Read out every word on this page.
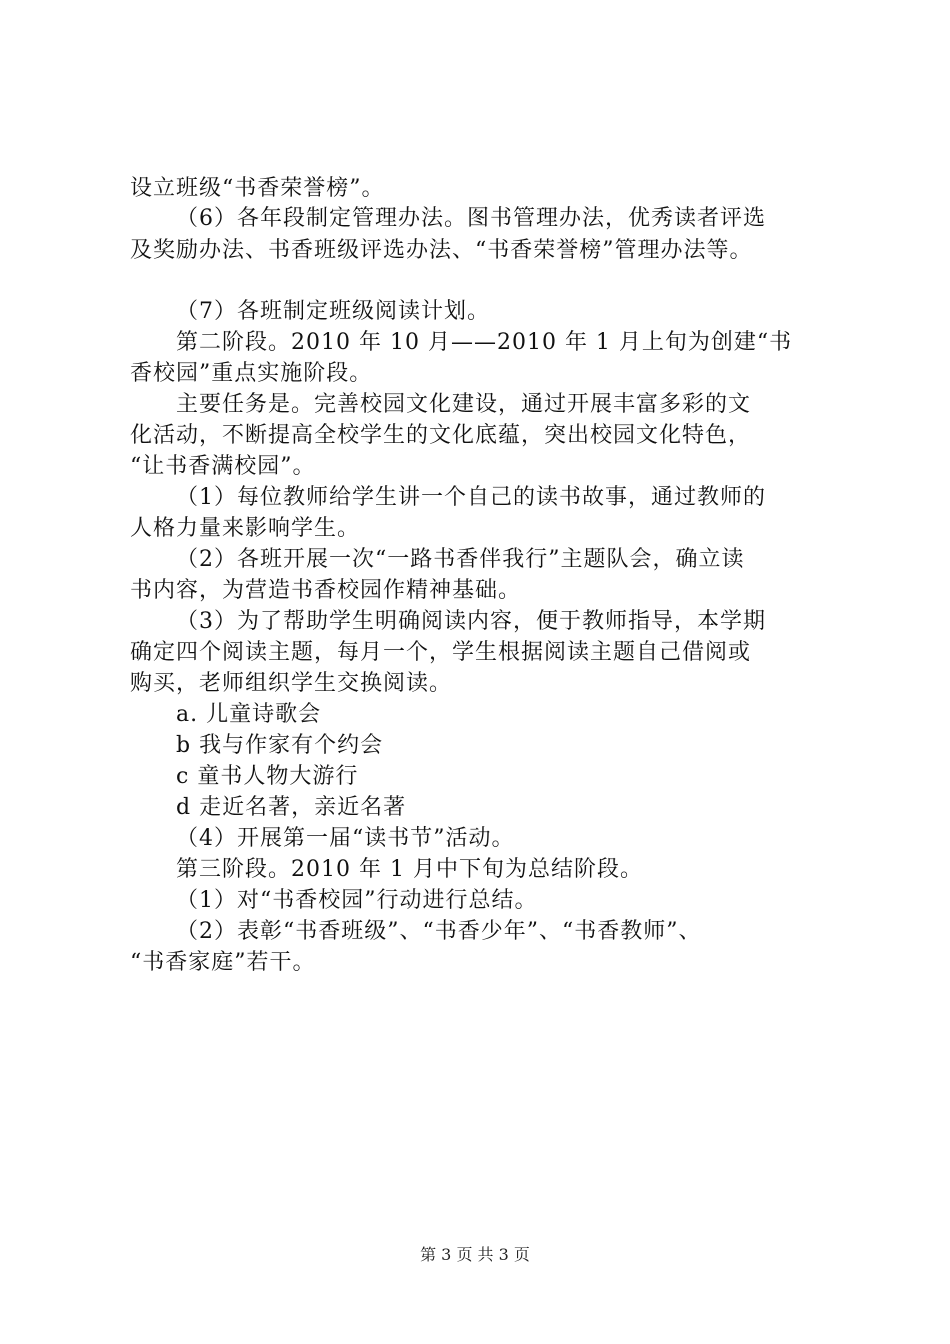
设立班级“书香荣誉榜”。
（6）各年段制定管理办法。图书管理办法，优秀读者评选
及奖励办法、书香班级评选办法、“书香荣誉榜”管理办法等。
（7）各班制定班级阅读计划。
第二阶段。2010 年 10 月——2010 年 1 月上旬为创建“书
香校园”重点实施阶段。
主要任务是。完善校园文化建设，通过开展丰富多彩的文
化活动，不断提高全校学生的文化底蕴，突出校园文化特色，
“让书香满校园”。
（1）每位教师给学生讲一个自己的读书故事，通过教师的
人格力量来影响学生。
（2）各班开展一次“一路书香伴我行”主题队会，确立读
书内容，为营造书香校园作精神基础。
（3）为了帮助学生明确阅读内容，便于教师指导，本学期
确定四个阅读主题，每月一个，学生根据阅读主题自己借阅或
购买，老师组织学生交换阅读。
a. 儿童诗歌会
b 我与作家有个约会
c 童书人物大游行
d 走近名著，亲近名著
（4）开展第一届“读书节”活动。
第三阶段。2010 年 1 月中下旬为总结阶段。
（1）对“书香校园”行动进行总结。
（2）表彰“书香班级”、“书香少年”、“书香教师”、
“书香家庭”若干。
第 3 页 共 3 页
